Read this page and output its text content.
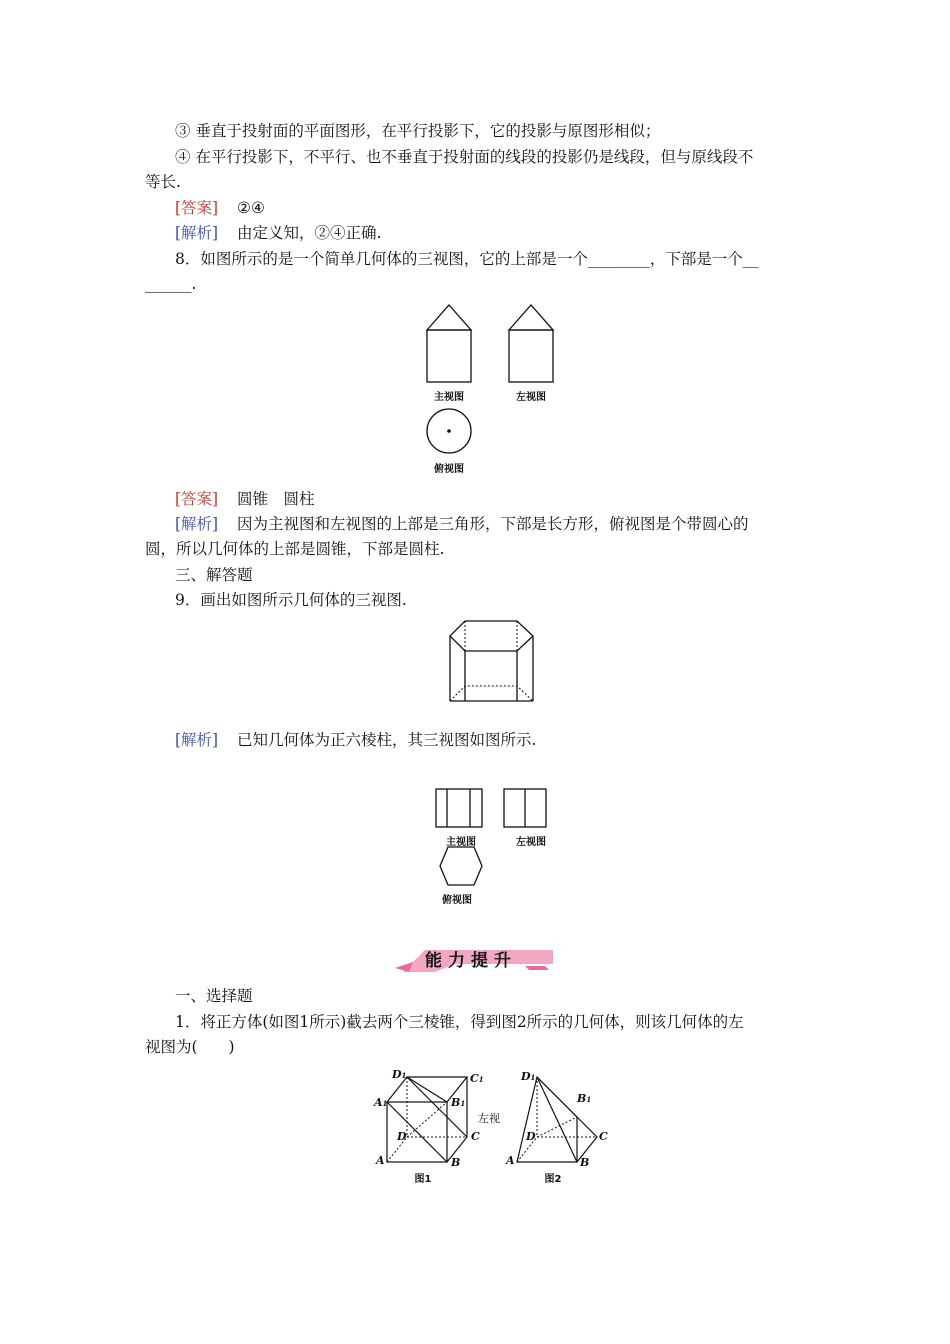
③ 垂直于投射面的平面图形，在平行投影下，它的投影与原图形相似；
④ 在平行投影下，不平行、也不垂直于投射面的线段的投影仍是线段，但与原线段不
等长.
[答案] ②④
[解析] 由定义知，②④正确.
8．如图所示的是一个简单几何体的三视图，它的上部是一个________，下部是一个__
______.
主视图	左视图
俯视图
[答案] 圆锥　圆柱
[解析] 因为主视图和左视图的上部是三角形，下部是长方形，俯视图是个带圆心的
圆，所以几何体的上部是圆锥，下部是圆柱.
三、解答题
9．画出如图所示几何体的三视图.
[解析] 已知几何体为正六棱柱，其三视图如图所示.
主视图	左视图
俯视图
能力提升
一、选择题
1．将正方体(如图1所示)截去两个三棱锥，得到图2所示的几何体，则该几何体的左
视图为(　　)
D1	C1
A1	B1
D	C
A	B
D1
B1
D	C
A	B
左视
图1	图2
